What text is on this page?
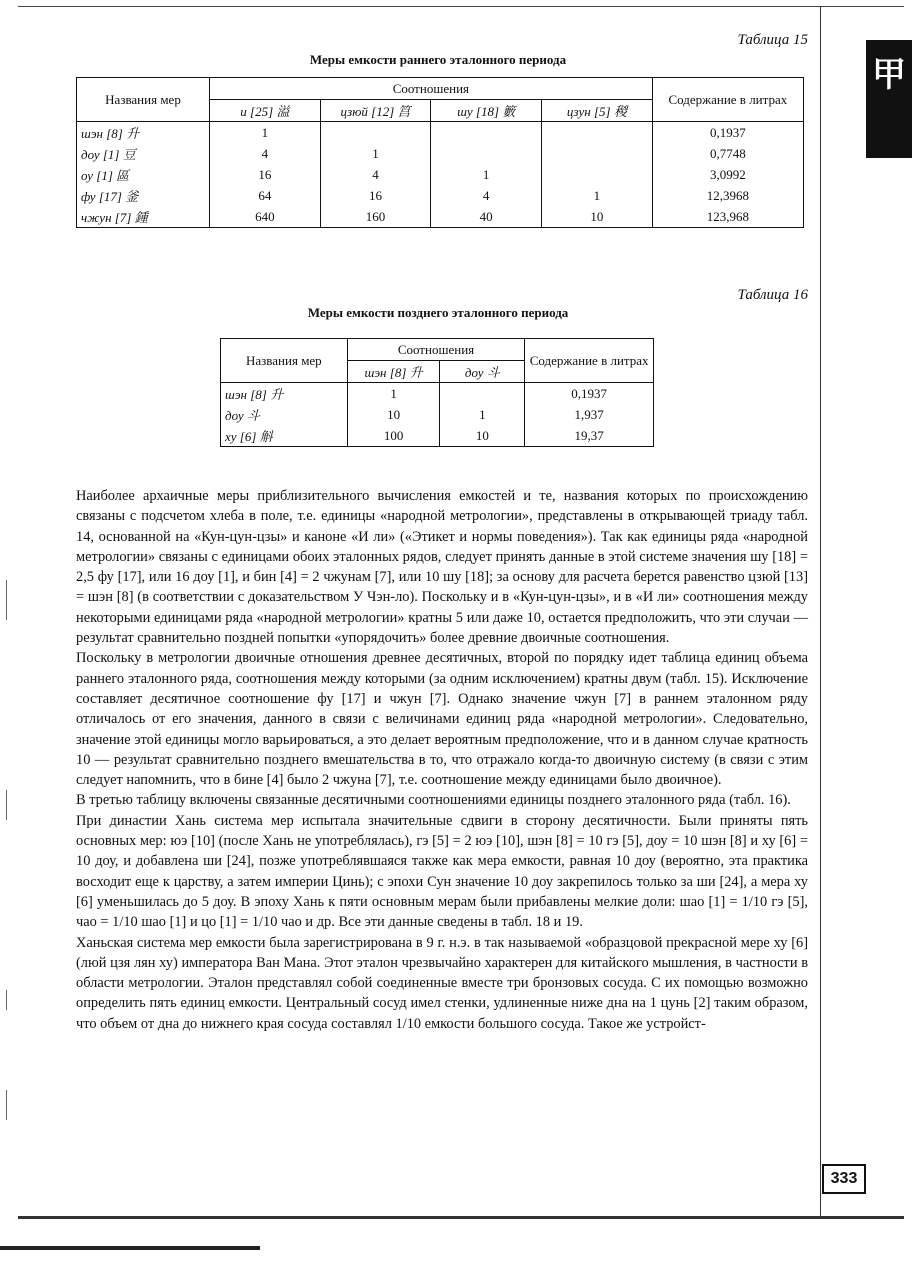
甲
Таблица 15
Меры емкости раннего эталонного периода
Названия мер	Соотношения				Содержание в литрах
	и [25] 溢	цзюй [12] 筥	шу [18] 籔	цзун [5] 稯	
шэн [8] 升	1				0,1937
доу [1] 豆	4	1			0,7748
оу [1] 區	16	4	1		3,0992
фу [17] 釜	64	16	4	1	12,3968
чжун [7] 鍾	640	160	40	10	123,968
Таблица 16
Меры емкости позднего эталонного периода
Названия мер	Соотношения		Содержание в литрах
	шэн [8] 升	доу 斗	
шэн [8] 升	1		0,1937
доу 斗	10	1	1,937
ху [6] 斛	100	10	19,37

Наиболее архаичные меры приблизительного вычисления емкостей и те, названия которых по происхождению связаны с подсчетом хлеба в поле, т.е. единицы «народной метрологии», представлены в открывающей триаду табл. 14, основанной на «Кун-цун-цзы» и каноне «И ли» («Этикет и нормы поведения»). Так как единицы ряда «народной метрологии» связаны с единицами обоих эталонных рядов, следует принять данные в этой системе значения шу [18] = 2,5 фу [17], или 16 доу [1], и бин [4] = 2 чжунам [7], или 10 шу [18]; за основу для расчета берется равенство цзюй [13] = шэн [8] (в соответствии с доказательством У Чэн-ло). Поскольку и в «Кун-цун-цзы», и в «И ли» соотношения между некоторыми единицами ряда «народной метрологии» кратны 5 или даже 10, остается предположить, что эти случаи — результат сравнительно поздней попытки «упорядочить» более древние двоичные соотношения.

Поскольку в метрологии двоичные отношения древнее десятичных, второй по порядку идет таблица единиц объема раннего эталонного ряда, соотношения между которыми (за одним исключением) кратны двум (табл. 15). Исключение составляет десятичное соотношение фу [17] и чжун [7]. Однако значение чжун [7] в раннем эталонном ряду отличалось от его значения, данного в связи с величинами единиц ряда «народной метрологии». Следовательно, значение этой единицы могло варьироваться, а это делает вероятным предположение, что и в данном случае кратность 10 — результат сравнительно позднего вмешательства в то, что отражало когда-то двоичную систему (в связи с этим следует напомнить, что в бине [4] было 2 чжуна [7], т.е. соотношение между единицами было двоичное).

В третью таблицу включены связанные десятичными соотношениями единицы позднего эталонного ряда (табл. 16).

При династии Хань система мер испытала значительные сдвиги в сторону десятичности. Были приняты пять основных мер: юэ [10] (после Хань не употреблялась), гэ [5] = 2 юэ [10], шэн [8] = 10 гэ [5], доу = 10 шэн [8] и ху [6] = 10 доу, и добавлена ши [24], позже употреблявшаяся также как мера емкости, равная 10 доу (вероятно, эта практика восходит еще к царству, а затем империи Цинь); с эпохи Сун значение 10 доу закрепилось только за ши [24], а мера ху [6] уменьшилась до 5 доу. В эпоху Хань к пяти основным мерам были прибавлены мелкие доли: шао [1] = 1/10 гэ [5], чао = 1/10 шао [1] и цо [1] = 1/10 чао и др. Все эти данные сведены в табл. 18 и 19.

Ханьская система мер емкости была зарегистрирована в 9 г. н.э. в так называемой «образцовой прекрасной мере ху [6] (люй цзя лян ху) императора Ван Мана. Этот эталон чрезвычайно характерен для китайского мышления, в частности в области метрологии. Эталон представлял собой соединенные вместе три бронзовых сосуда. С их помощью возможно определить пять единиц емкости. Центральный сосуд имел стенки, удлиненные ниже дна на 1 цунь [2] таким образом, что объем от дна до нижнего края сосуда составлял 1/10 емкости большого сосуда. Такое же устройст-

333
